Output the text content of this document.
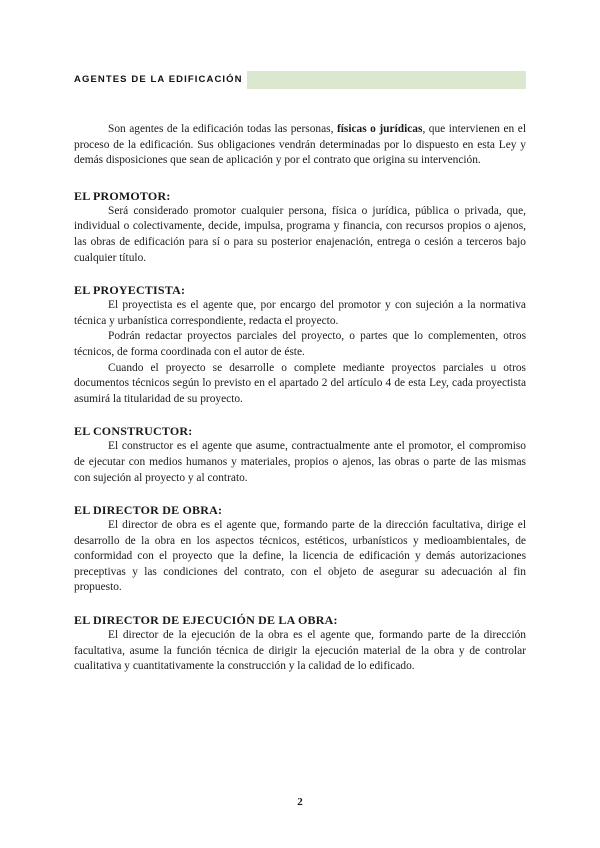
AGENTES DE LA EDIFICACIÓN

Son agentes de la edificación todas las personas, físicas o jurídicas, que intervienen en el proceso de la edificación. Sus obligaciones vendrán determinadas por lo dispuesto en esta Ley y demás disposiciones que sean de aplicación y por el contrato que origina su intervención.

EL PROMOTOR:

Será considerado promotor cualquier persona, física o jurídica, pública o privada, que, individual o colectivamente, decide, impulsa, programa y financia, con recursos propios o ajenos, las obras de edificación para sí o para su posterior enajenación, entrega o cesión a terceros bajo cualquier título.

EL PROYECTISTA:

El proyectista es el agente que, por encargo del promotor y con sujeción a la normativa técnica y urbanística correspondiente, redacta el proyecto.

Podrán redactar proyectos parciales del proyecto, o partes que lo complementen, otros técnicos, de forma coordinada con el autor de éste.

Cuando el proyecto se desarrolle o complete mediante proyectos parciales u otros documentos técnicos según lo previsto en el apartado 2 del artículo 4 de esta Ley, cada proyectista asumirá la titularidad de su proyecto.

EL CONSTRUCTOR:

El constructor es el agente que asume, contractualmente ante el promotor, el compromiso de ejecutar con medios humanos y materiales, propios o ajenos, las obras o parte de las mismas con sujeción al proyecto y al contrato.

EL DIRECTOR DE OBRA:

El director de obra es el agente que, formando parte de la dirección facultativa, dirige el desarrollo de la obra en los aspectos técnicos, estéticos, urbanísticos y medioambientales, de conformidad con el proyecto que la define, la licencia de edificación y demás autorizaciones preceptivas y las condiciones del contrato, con el objeto de asegurar su adecuación al fin propuesto.

EL DIRECTOR DE EJECUCIÓN DE LA OBRA:

El director de la ejecución de la obra es el agente que, formando parte de la dirección facultativa, asume la función técnica de dirigir la ejecución material de la obra y de controlar cualitativa y cuantitativamente la construcción y la calidad de lo edificado.

2
